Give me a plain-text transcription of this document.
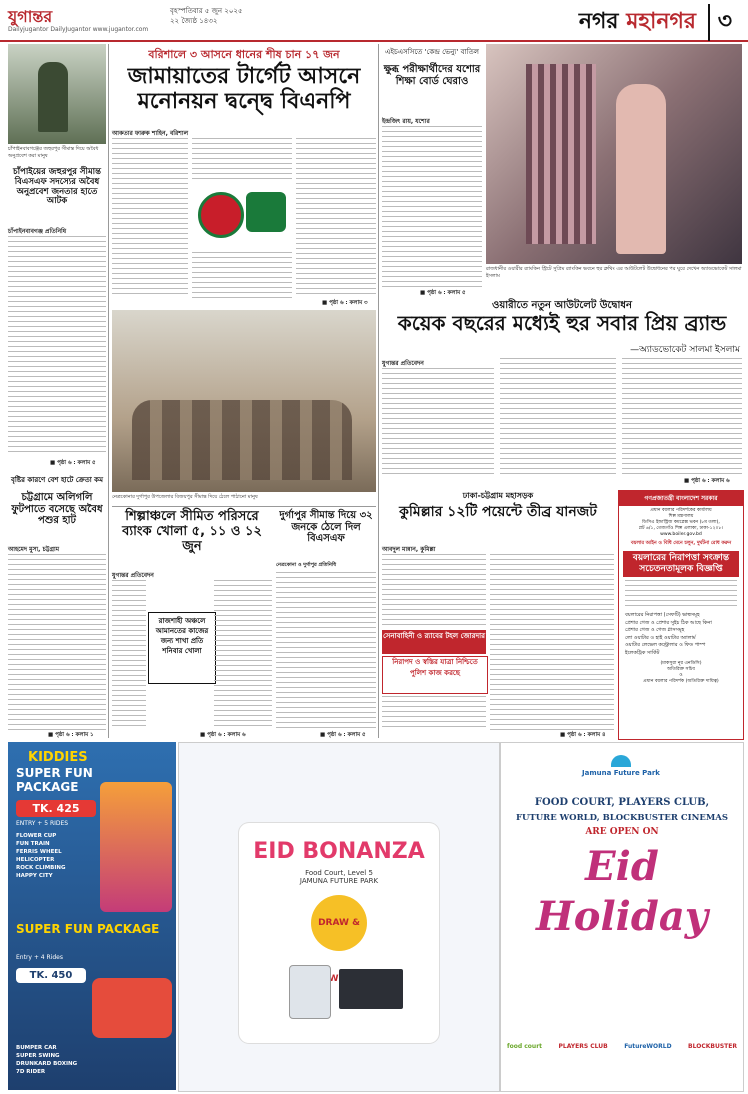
যুগান্তর	বৃহস্পতিবার ৫ জুন ২০২৫
২২ জ্যৈষ্ঠ ১৪৩২
Dailyjugantor DailyJugantor www.jugantor.com	নগর মহানগর ৩
চাঁপাইনবাবগঞ্জের জহুরপুর সীমান্ত দিয়ে অবৈধ অনুপ্রবেশ করা মানুষ
চাঁপাইয়ের জহুরপুর সীমান্ত বিএসএফ সদস্যের অবৈধ অনুপ্রবেশ জনতার হাতে আটক
চাঁপাইনবাবগঞ্জ প্রতিনিধি
■ পৃষ্ঠা ৬ : কলাম ৫
বৃষ্টির কারণে বেশ হাটে ক্রেতা কম
চট্টগ্রামে অলিগলি ফুটপাতে বসেছে অবৈধ পশুর হাট
আহমেদ মুসা, চট্টগ্রাম
■ পৃষ্ঠা ৬ : কলাম ১
বরিশালে ৩ আসনে ধানের শীষ চান ১৭ জন
জামায়াতের টার্গেট আসনে মনোনয়ন দ্বন্দ্বে বিএনপি
আকতার ফারুক শাহিন, বরিশাল
■ পৃষ্ঠা ৬ : কলাম ৩
নেত্রকোনার দুর্গাপুর উপজেলার বিজয়পুর সীমান্ত দিয়ে ঠেলে পাঠানো মানুষ
শিল্পাঞ্চলে সীমিত পরিসরে ব্যাংক খোলা ৫, ১১ ও ১২ জুন
যুগান্তর প্রতিবেদন
রাজশাহী অঞ্চলে আমানতের কাজের জন্য শাখা প্রতি শনিবার খোলা
■ পৃষ্ঠা ৬ : কলাম ৬
দুর্গাপুর সীমান্ত দিয়ে ৩২ জনকে ঠেলে দিল বিএসএফ
নেত্রকোনা ও দুর্গাপুর প্রতিনিধি
■ পৃষ্ঠা ৬ : কলাম ৫
এইচএসসিতে 'কেন্দ্র ভেন্যু' বাতিল
ক্ষুব্ধ পরীক্ষার্থীদের যশোর শিক্ষা বোর্ড ঘেরাও
ইন্দ্রজিৎ রায়, যশোর
■ পৃষ্ঠা ৬ : কলাম ৫
রাজধানীর ওয়ারীর র‍্যাংকিন স্ট্রিটে সুপ্রিম র‍্যাংকিন ভবনে হুর ক্লথিং এর আউটলেট উদ্বোধনের পর ঘুরে দেখেন অ্যাডভোকেট সালমা ইসলাম
ওয়ারীতে নতুন আউটলেট উদ্বোধন
কয়েক বছরের মধ্যেই হুর সবার প্রিয় ব্র্যান্ড
—অ্যাডভোকেট সালমা ইসলাম
যুগান্তর প্রতিবেদন
■ পৃষ্ঠা ৬ : কলাম ৬
ঢাকা-চট্টগ্রাম মহাসড়ক
কুমিল্লার ১২টি পয়েন্টে তীব্র যানজট
আবদুল মান্নান, কুমিল্লা
সেনাবাহিনী ও র‍্যাবের টহল জোরদার
নিরাপদ ও স্বস্তির যাত্রা নিশ্চিতে পুলিশ কাজ করছে
■ পৃষ্ঠা ৬ : কলাম ৪
গণপ্রজাতন্ত্রী বাংলাদেশ সরকার
প্রধান বয়লার পরিদর্শকের কার্যালয়
শিল্প মন্ত্রণালয়
ডিসিএ ইন্ডাস্ট্রিজ কমপ্লেক্স ভবন (৮ম তলা),
প্লট ৬/১, তেজগাঁও শিল্প এলাকা, ঢাকা-১২০৮।
www.boiler.gov.bd
বয়লার আইন ও বিধি মেনে চলুন, দুর্ঘটনা রোধ করুন
বয়লারের নিরাপত্তা সংক্রান্ত সচেতনতামূলক বিজ্ঞপ্তি
বয়লারের নিরাপত্তা (সেফটি) ভাল্বসমূহ
প্রেশার গেজ ও প্রেশার সুইচ ঠিক আছে কিনা
প্রেশার গেজ ও গেজ গ্লাসসমূহ
লো ওয়াটার ও হাই ওয়াটার অ্যালার্ম
ওয়াটার লেভেল কন্ট্রোলার ও ফিড পাম্প
ইলেকট্রিক সার্কিট
(মাকসুরা নূর এনডিসি)
অতিরিক্ত সচিব
ও
প্রধান বয়লার পরিদর্শক (অতিরিক্ত দায়িত্ব)
KIDDIES
SUPER FUN PACKAGE
TK. 425
ENTRY + 5 RIDES
FLOWER CUP
FUN TRAIN
FERRIS WHEEL
HELICOPTER
ROCK CLIMBING
HAPPY CITY
SUPER FUN PACKAGE
Entry + 4 Rides
TK. 450
BUMPER CAR
SUPER SWING
DRUNKARD BOXING
7D RIDER
EID BONANZA
Food Court, Level 5
JAMUNA FUTURE PARK
DRAW &
Jamuna Future Park
FOOD COURT, PLAYERS CLUB,
FUTURE WORLD, BLOCKBUSTER CINEMAS
ARE OPEN ON
Eid
Holiday
food court	PLAYERS CLUB	FutureWORLD	BLOCKBUSTER
